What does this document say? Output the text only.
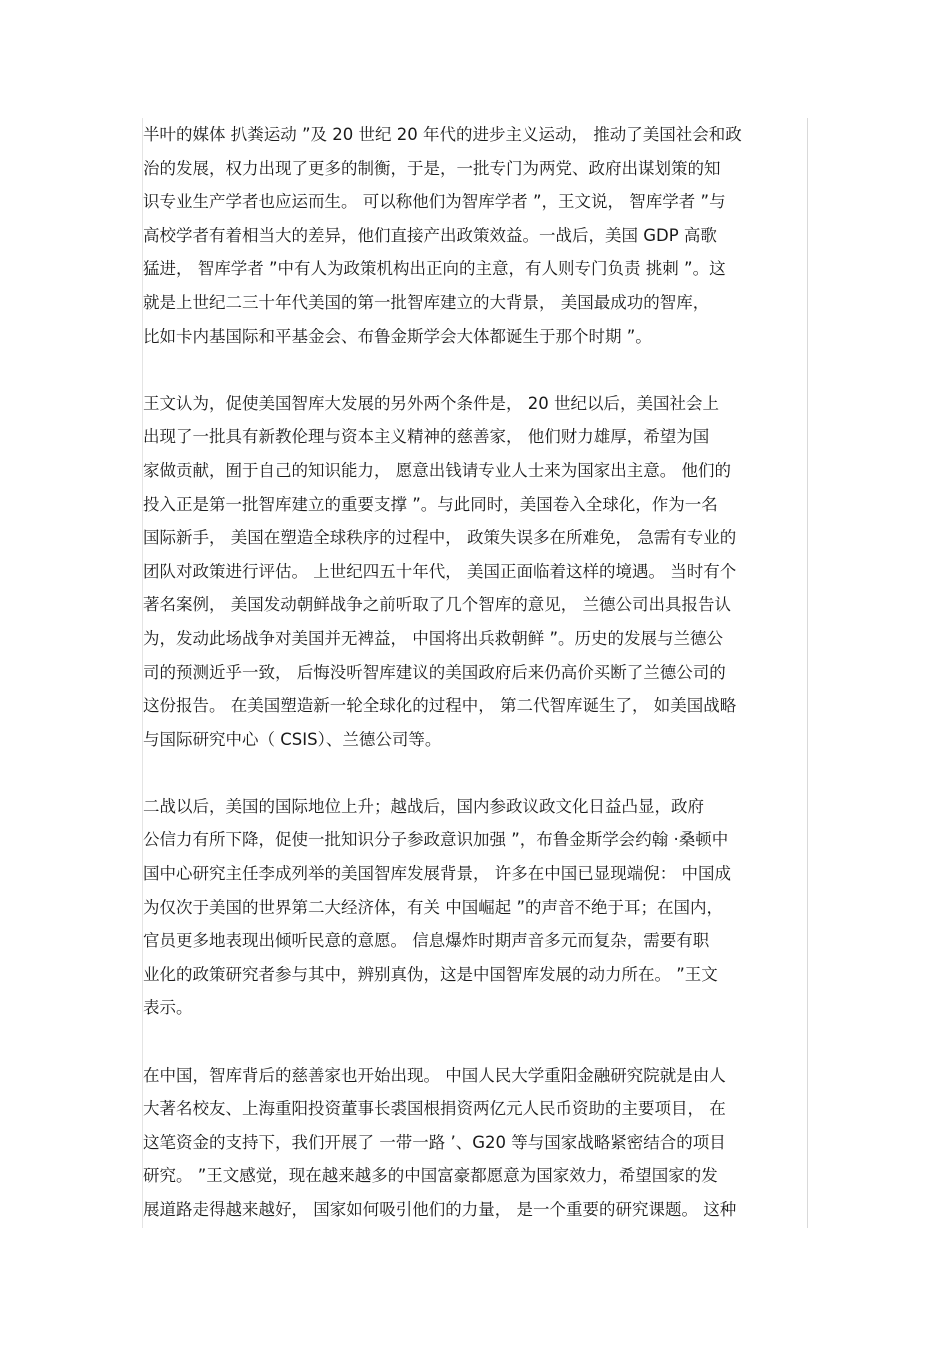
半叶的媒体 扒粪运动 ”及 20 世纪 20 年代的进步主义运动， 推动了美国社会和政
治的发展，权力出现了更多的制衡，于是，一批专门为两党、政府出谋划策的知
识专业生产学者也应运而生。 可以称他们为智库学者 ”，王文说， 智库学者 ”与
高校学者有着相当大的差异，他们直接产出政策效益。一战后，美国 GDP 高歌
猛进， 智库学者 ”中有人为政策机构出正向的主意，有人则专门负责 挑刺 ”。这
就是上世纪二三十年代美国的第一批智库建立的大背景， 美国最成功的智库，
比如卡内基国际和平基金会、布鲁金斯学会大体都诞生于那个时期 ”。
王文认为，促使美国智库大发展的另外两个条件是， 20 世纪以后，美国社会上
出现了一批具有新教伦理与资本主义精神的慈善家， 他们财力雄厚，希望为国
家做贡献，囿于自己的知识能力， 愿意出钱请专业人士来为国家出主意。 他们的
投入正是第一批智库建立的重要支撑 ”。与此同时，美国卷入全球化，作为一名
国际新手， 美国在塑造全球秩序的过程中， 政策失误多在所难免， 急需有专业的
团队对政策进行评估。 上世纪四五十年代， 美国正面临着这样的境遇。 当时有个
著名案例， 美国发动朝鲜战争之前听取了几个智库的意见， 兰德公司出具报告认
为，发动此场战争对美国并无裨益， 中国将出兵救朝鲜 ”。历史的发展与兰德公
司的预测近乎一致， 后悔没听智库建议的美国政府后来仍高价买断了兰德公司的
这份报告。 在美国塑造新一轮全球化的过程中， 第二代智库诞生了， 如美国战略
与国际研究中心（ CSIS）、兰德公司等。
二战以后，美国的国际地位上升；越战后，国内参政议政文化日益凸显，政府
公信力有所下降，促使一批知识分子参政意识加强 ”，布鲁金斯学会约翰 ·桑顿中
国中心研究主任李成列举的美国智库发展背景， 许多在中国已显现端倪： 中国成
为仅次于美国的世界第二大经济体，有关 中国崛起 ”的声音不绝于耳；在国内，
官员更多地表现出倾听民意的意愿。 信息爆炸时期声音多元而复杂，需要有职
业化的政策研究者参与其中，辨别真伪，这是中国智库发展的动力所在。 ”王文
表示。
在中国，智库背后的慈善家也开始出现。 中国人民大学重阳金融研究院就是由人
大著名校友、上海重阳投资董事长裘国根捐资两亿元人民币资助的主要项目， 在
这笔资金的支持下，我们开展了 一带一路 ’、G20 等与国家战略紧密结合的项目
研究。 ”王文感觉，现在越来越多的中国富豪都愿意为国家效力，希望国家的发
展道路走得越来越好， 国家如何吸引他们的力量， 是一个重要的研究课题。 这种
